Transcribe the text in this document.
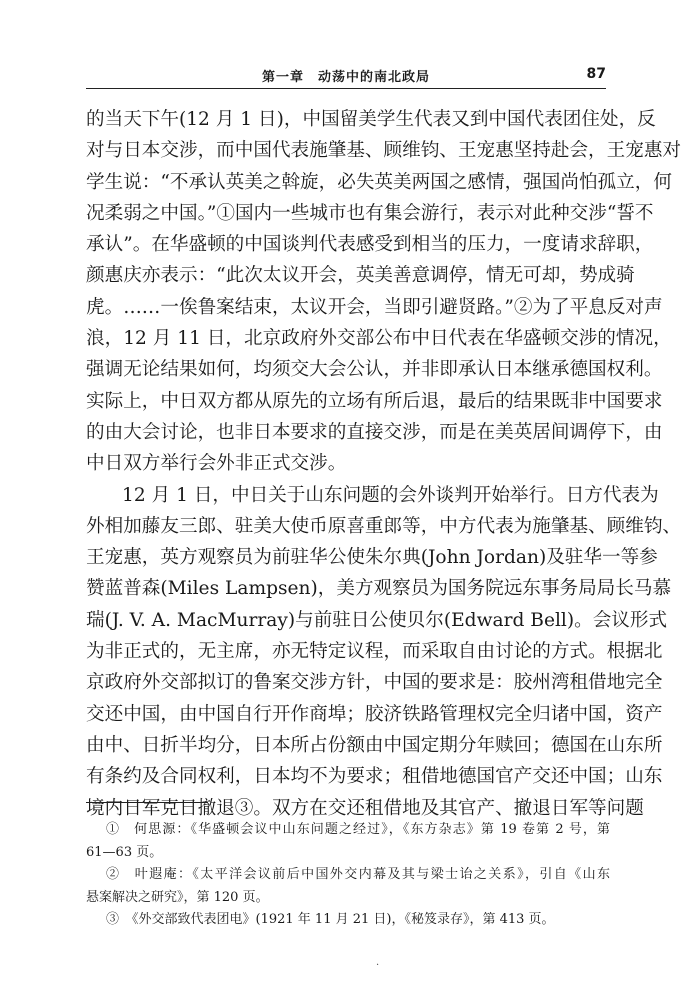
第一章　动荡中的南北政局	87
的当天下午(12 月 1 日)，中国留美学生代表又到中国代表团住处，反
对与日本交涉，而中国代表施肇基、顾维钧、王宠惠坚持赴会，王宠惠对
学生说：“不承认英美之斡旋，必失英美两国之感情，强国尚怕孤立，何
况柔弱之中国。”①国内一些城市也有集会游行，表示对此种交涉“誓不
承认”。在华盛顿的中国谈判代表感受到相当的压力，一度请求辞职，
颜惠庆亦表示：“此次太议开会，英美善意调停，情无可却，势成骑
虎。……一俟鲁案结束，太议开会，当即引避贤路。”②为了平息反对声
浪，12 月 11 日，北京政府外交部公布中日代表在华盛顿交涉的情况，
强调无论结果如何，均须交大会公认，并非即承认日本继承德国权利。
实际上，中日双方都从原先的立场有所后退，最后的结果既非中国要求
的由大会讨论，也非日本要求的直接交涉，而是在美英居间调停下，由
中日双方举行会外非正式交涉。
12 月 1 日，中日关于山东问题的会外谈判开始举行。日方代表为
外相加藤友三郎、驻美大使币原喜重郎等，中方代表为施肇基、顾维钧、
王宠惠，英方观察员为前驻华公使朱尔典(John Jordan)及驻华一等参
赞蓝普森(Miles Lampsen)，美方观察员为国务院远东事务局局长马慕
瑞(J. V. A. MacMurray)与前驻日公使贝尔(Edward Bell)。会议形式
为非正式的，无主席，亦无特定议程，而采取自由讨论的方式。根据北
京政府外交部拟订的鲁案交涉方针，中国的要求是：胶州湾租借地完全
交还中国，由中国自行开作商埠；胶济铁路管理权完全归诸中国，资产
由中、日折半均分，日本所占份额由中国定期分年赎回；德国在山东所
有条约及合同权利，日本均不为要求；租借地德国官产交还中国；山东
境内日军克日撤退③。双方在交还租借地及其官产、撤退日军等问题
①　何思源：《华盛顿会议中山东问题之经过》，《东方杂志》第 19 卷第 2 号，第
61—63 页。
②　叶遐庵：《太平洋会议前后中国外交内幕及其与梁士诒之关系》，引自《山东
悬案解决之研究》，第 120 页。
③　《外交部致代表团电》(1921 年 11 月 21 日)，《秘笈录存》，第 413 页。
·
